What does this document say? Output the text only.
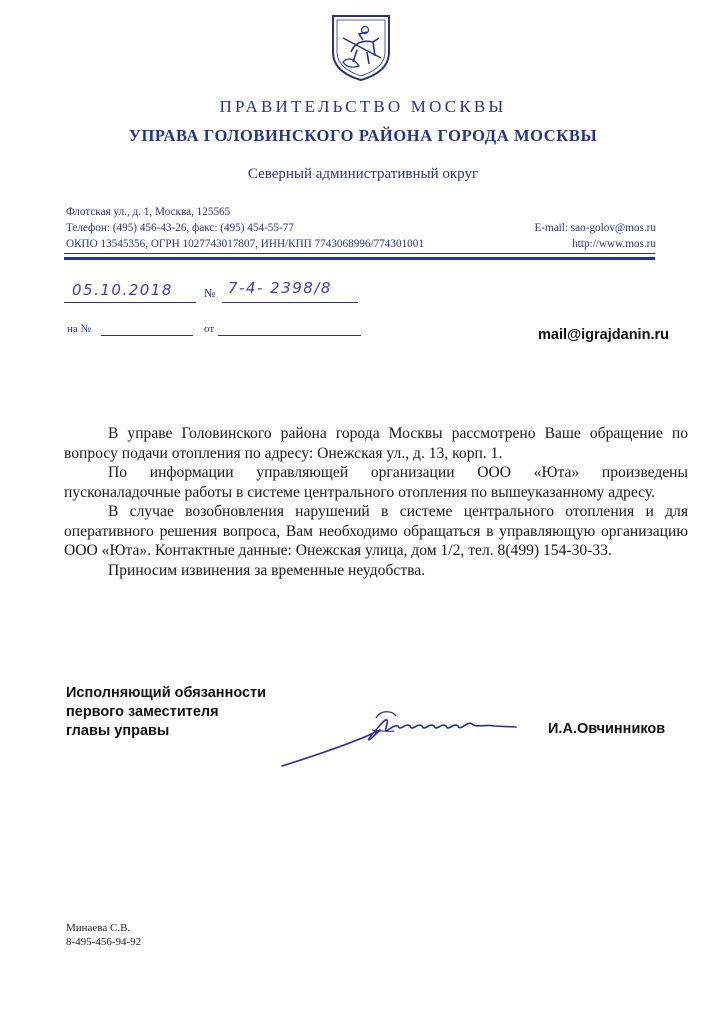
ПРАВИТЕЛЬСТВО МОСКВЫ
УПРАВА ГОЛОВИНСКОГО РАЙОНА ГОРОДА МОСКВЫ
Северный административный округ
Флотская ул., д. 1, Москва, 125565
Телефон: (495) 456-43-26, факс: (495) 454-55-77
ОКПО 13545356, ОГРН 1027743017807, ИНН/КПП 7743068996/774301001
E-mail: sao-golov@mos.ru
http://www.mos.ru
05.10.2018	№ 7-4- 2398/8
на №	от	mail@igrajdanin.ru

В управе Головинского района города Москвы рассмотрено Ваше обращение по вопросу подачи отопления по адресу: Онежская ул., д. 13, корп. 1.

По информации управляющей организации ООО «Юта» произведены пусконаладочные работы в системе центрального отопления по вышеуказанному адресу.

В случае возобновления нарушений в системе центрального отопления и для оперативного решения вопроса, Вам необходимо обращаться в управляющую организацию ООО «Юта». Контактные данные: Онежская улица, дом 1/2, тел. 8(499) 154-30-33.

Приносим извинения за временные неудобства.

Исполняющий обязанности
первого заместителя
главы управы	И.А.Овчинников
Минаева С.В.
8-495-456-94-92
